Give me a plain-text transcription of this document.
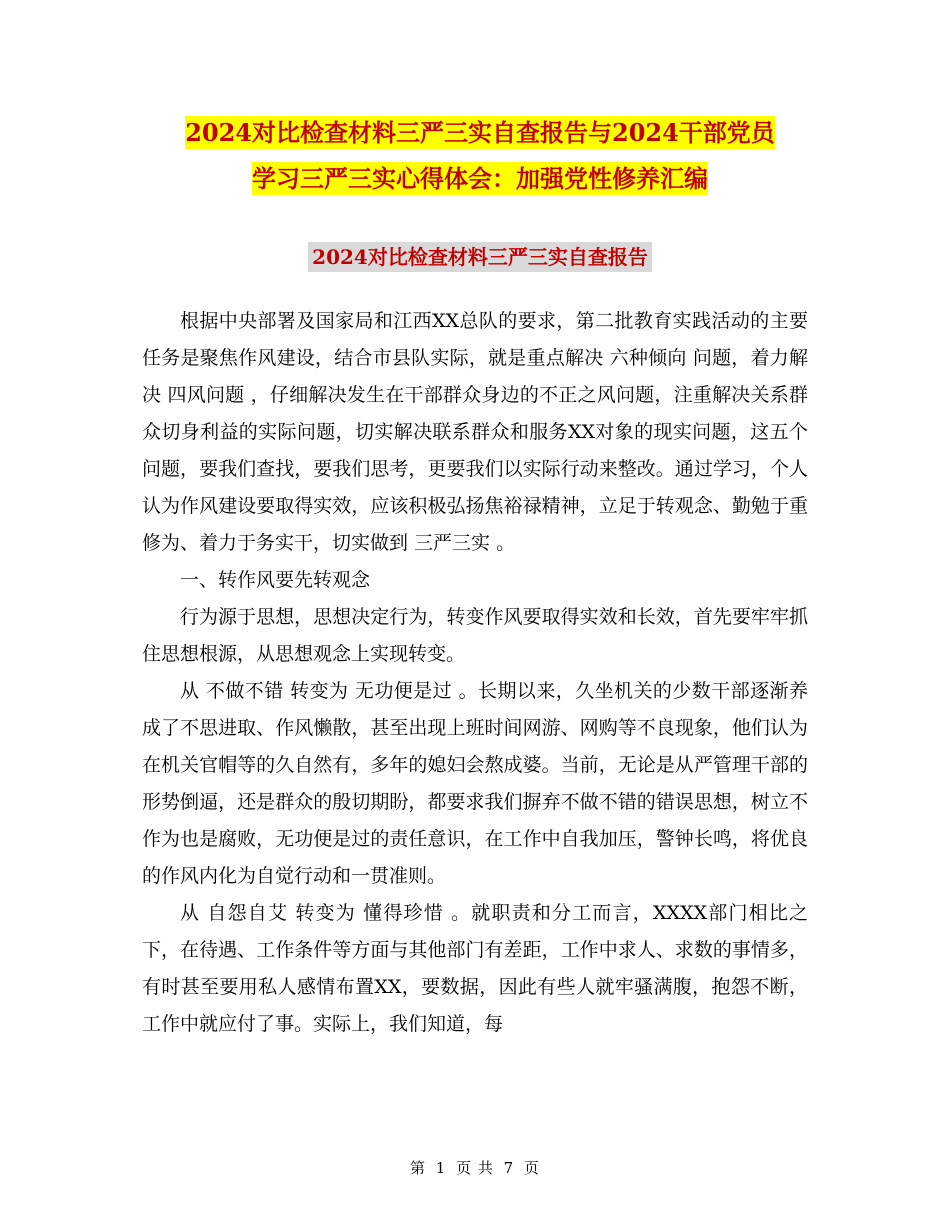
2024对比检查材料三严三实自查报告与2024干部党员
学习三严三实心得体会：加强党性修养汇编
2024对比检查材料三严三实自查报告

根据中央部署及国家局和江西XX总队的要求，第二批教育实践活动的主要任务是聚焦作风建设，结合市县队实际，就是重点解决 六种倾向 问题，着力解决 四风问题 ，仔细解决发生在干部群众身边的不正之风问题，注重解决关系群众切身利益的实际问题，切实解决联系群众和服务XX对象的现实问题，这五个问题，要我们查找，要我们思考，更要我们以实际行动来整改。通过学习，个人认为作风建设要取得实效，应该积极弘扬焦裕禄精神，立足于转观念、勤勉于重修为、着力于务实干，切实做到 三严三实 。

一、转作风要先转观念

行为源于思想，思想决定行为，转变作风要取得实效和长效，首先要牢牢抓住思想根源，从思想观念上实现转变。

从 不做不错 转变为 无功便是过 。长期以来，久坐机关的少数干部逐渐养成了不思进取、作风懒散，甚至出现上班时间网游、网购等不良现象，他们认为在机关官帽等的久自然有，多年的媳妇会熬成婆。当前，无论是从严管理干部的形势倒逼，还是群众的殷切期盼，都要求我们摒弃不做不错的错误思想，树立不作为也是腐败，无功便是过的责任意识，在工作中自我加压，警钟长鸣，将优良的作风内化为自觉行动和一贯准则。

从 自怨自艾 转变为 懂得珍惜 。就职责和分工而言，XXXX部门相比之下，在待遇、工作条件等方面与其他部门有差距，工作中求人、求数的事情多，有时甚至要用私人感情布置XX，要数据，因此有些人就牢骚满腹，抱怨不断，工作中就应付了事。实际上，我们知道，每

第 1 页 共 7 页
